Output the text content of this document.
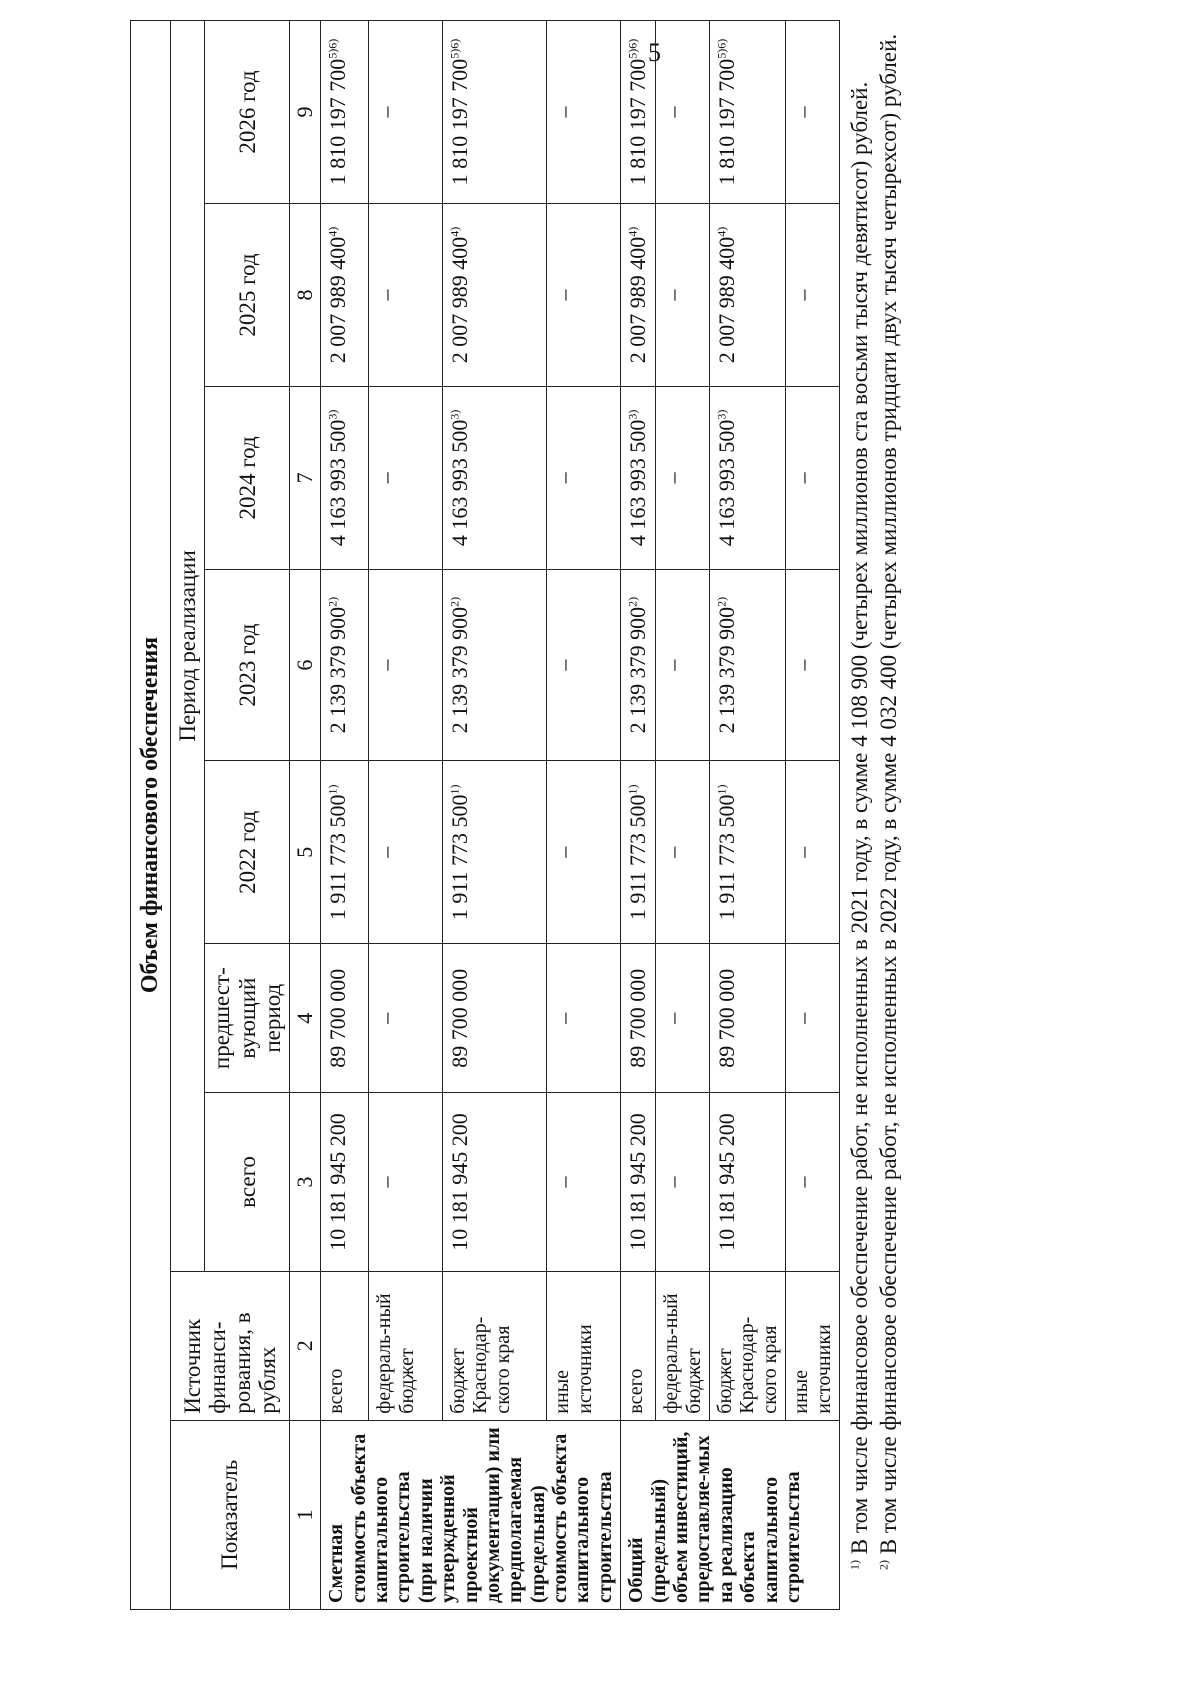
5
Объем финансового обеспечения								
Показатель	Источник финанси-рования, в рублях	Период реализации						
		всего	предшест-вующий период	2022 год	2023 год	2024 год	2025 год	2026 год
1	2	3	4	5	6	7	8	9
Сметная стоимость объекта капитального строительства (при наличии утвержденной проектной документации) или предполагаемая (предельная) стоимость объекта капитального строительства	всего	10 181 945 200	89 700 000	1 911 773 500$^{1)}$	2 139 379 900$^{2)}$	4 163 993 500$^{3)}$	2 007 989 400$^{4)}$	1 810 197 $700^{5)6)}$
	федераль-ный бюджет	–	–	–	–	–	–	–
	бюджет Краснодар-ского края	10 181 945 200	89 700 000	1 911 773 500$^{1)}$	2 139 379 900$^{2)}$	4 163 993 500$^{3)}$	2 007 989 400$^{4)}$	1 810 197 $700^{5)6)}$
	иные источники	–	–	–	–	–	–	–
Общий (предельный) объем инвестиций, предоставляе-мых на реализацию объекта капитального строительства	всего	10 181 945 200	89 700 000	1 911 773 500$^{1)}$	2 139 379 900$^{2)}$	4 163 993 500$^{3)}$	2 007 989 400$^{4)}$	1 810 197 $700^{5)6)}$
	федераль-ный бюджет	–	–	–	–	–	–	–
	бюджет Краснодар-ского края	10 181 945 200	89 700 000	1 911 773 500$^{1)}$	2 139 379 900$^{2)}$	4 163 993 500$^{3)}$	2 007 989 400$^{4)}$	1 810 197 $700^{5)6)}$
	иные источники	–	–	–	–	–	–	–

$^{1)}$ В том числе финансовое обеспечение работ, не исполненных в 2021 году, в сумме 4 108 900 (четырех миллионов ста восьми тысяч девятисот) рублей.

$^{2)}$ В том числе финансовое обеспечение работ, не исполненных в 2022 году, в сумме 4 032 400 (четырех миллионов тридцати двух тысяч четырехсот) рублей.
